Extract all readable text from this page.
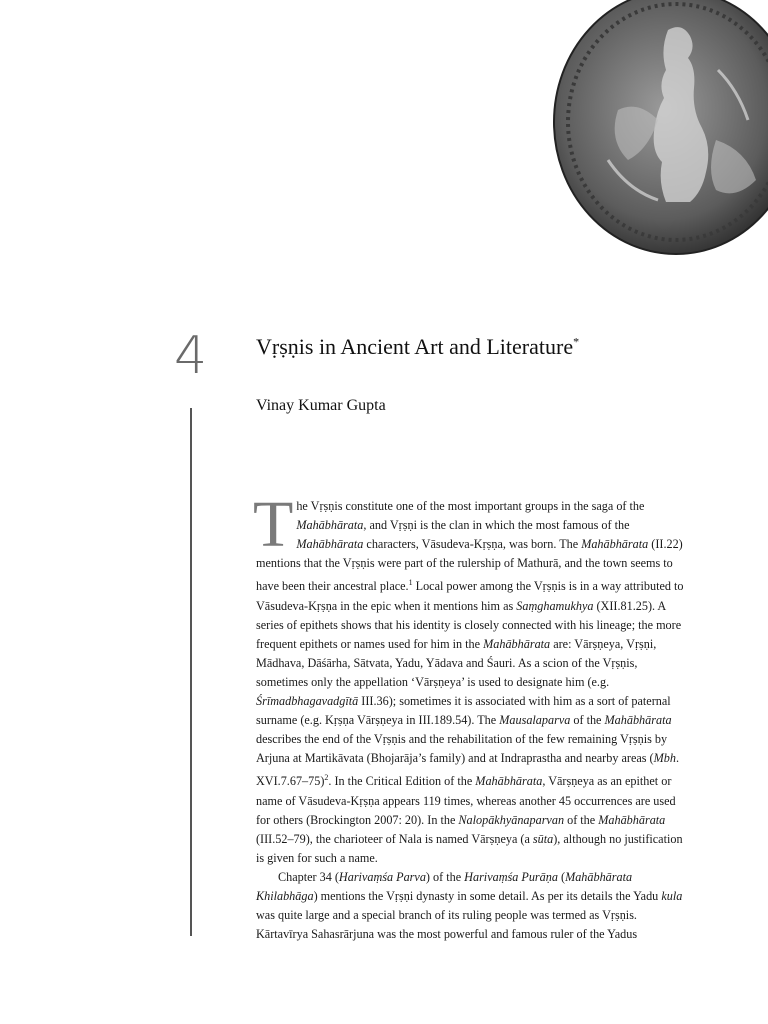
4 Vṛṣṇis in Ancient Art and Literature*
Vinay Kumar Gupta

The Vṛṣṇis constitute one of the most important groups in the saga of the Mahābhārata, and Vṛṣṇi is the clan in which the most famous of the Mahābhārata characters, Vāsudeva-Kṛṣṇa, was born. The Mahābhārata (II.22) mentions that the Vṛṣṇis were part of the rulership of Mathurā, and the town seems to have been their ancestral place.$^1$ Local power among the Vṛṣṇis is in a way attributed to Vāsudeva-Kṛṣṇa in the epic when it mentions him as Saṃghamukhya (XII.81.25). A series of epithets shows that his identity is closely connected with his lineage; the more frequent epithets or names used for him in the Mahābhārata are: Vārṣṇeya, Vṛṣṇi, Mādhava, Dāśārha, Sātvata, Yadu, Yādava and Śauri. As a scion of the Vṛṣṇis, sometimes only the appellation ‘Vārṣṇeya’ is used to designate him (e.g. Śrīmadbhagavadgītā III.36); sometimes it is associated with him as a sort of paternal surname (e.g. Kṛṣṇa Vārṣṇeya in III.189.54). The Mausalaparva of the Mahābhārata describes the end of the Vṛṣṇis and the rehabilitation of the few remaining Vṛṣṇis by Arjuna at Martikāvata (Bhojarāja’s family) and at Indraprastha and nearby areas (Mbh. XVI.7.67–75)$^2$. In the Critical Edition of the Mahābhārata, Vārṣṇeya as an epithet or name of Vāsudeva-Kṛṣṇa appears 119 times, whereas another 45 occurrences are used for others (Brockington 2007: 20). In the Nalopākhyānaparvan of the Mahābhārata (III.52–79), the charioteer of Nala is named Vārṣṇeya (a sūta), although no justification is given for such a name.

Chapter 34 (Harivaṃśa Parva) of the Harivaṃśa Purāṇa (Mahābhārata Khilabhāga) mentions the Vṛṣṇi dynasty in some detail. As per its details the Yadu kula was quite large and a special branch of its ruling people was termed as Vṛṣṇis. Kārtavīrya Sahasrārjuna was the most powerful and famous ruler of the Yadus
